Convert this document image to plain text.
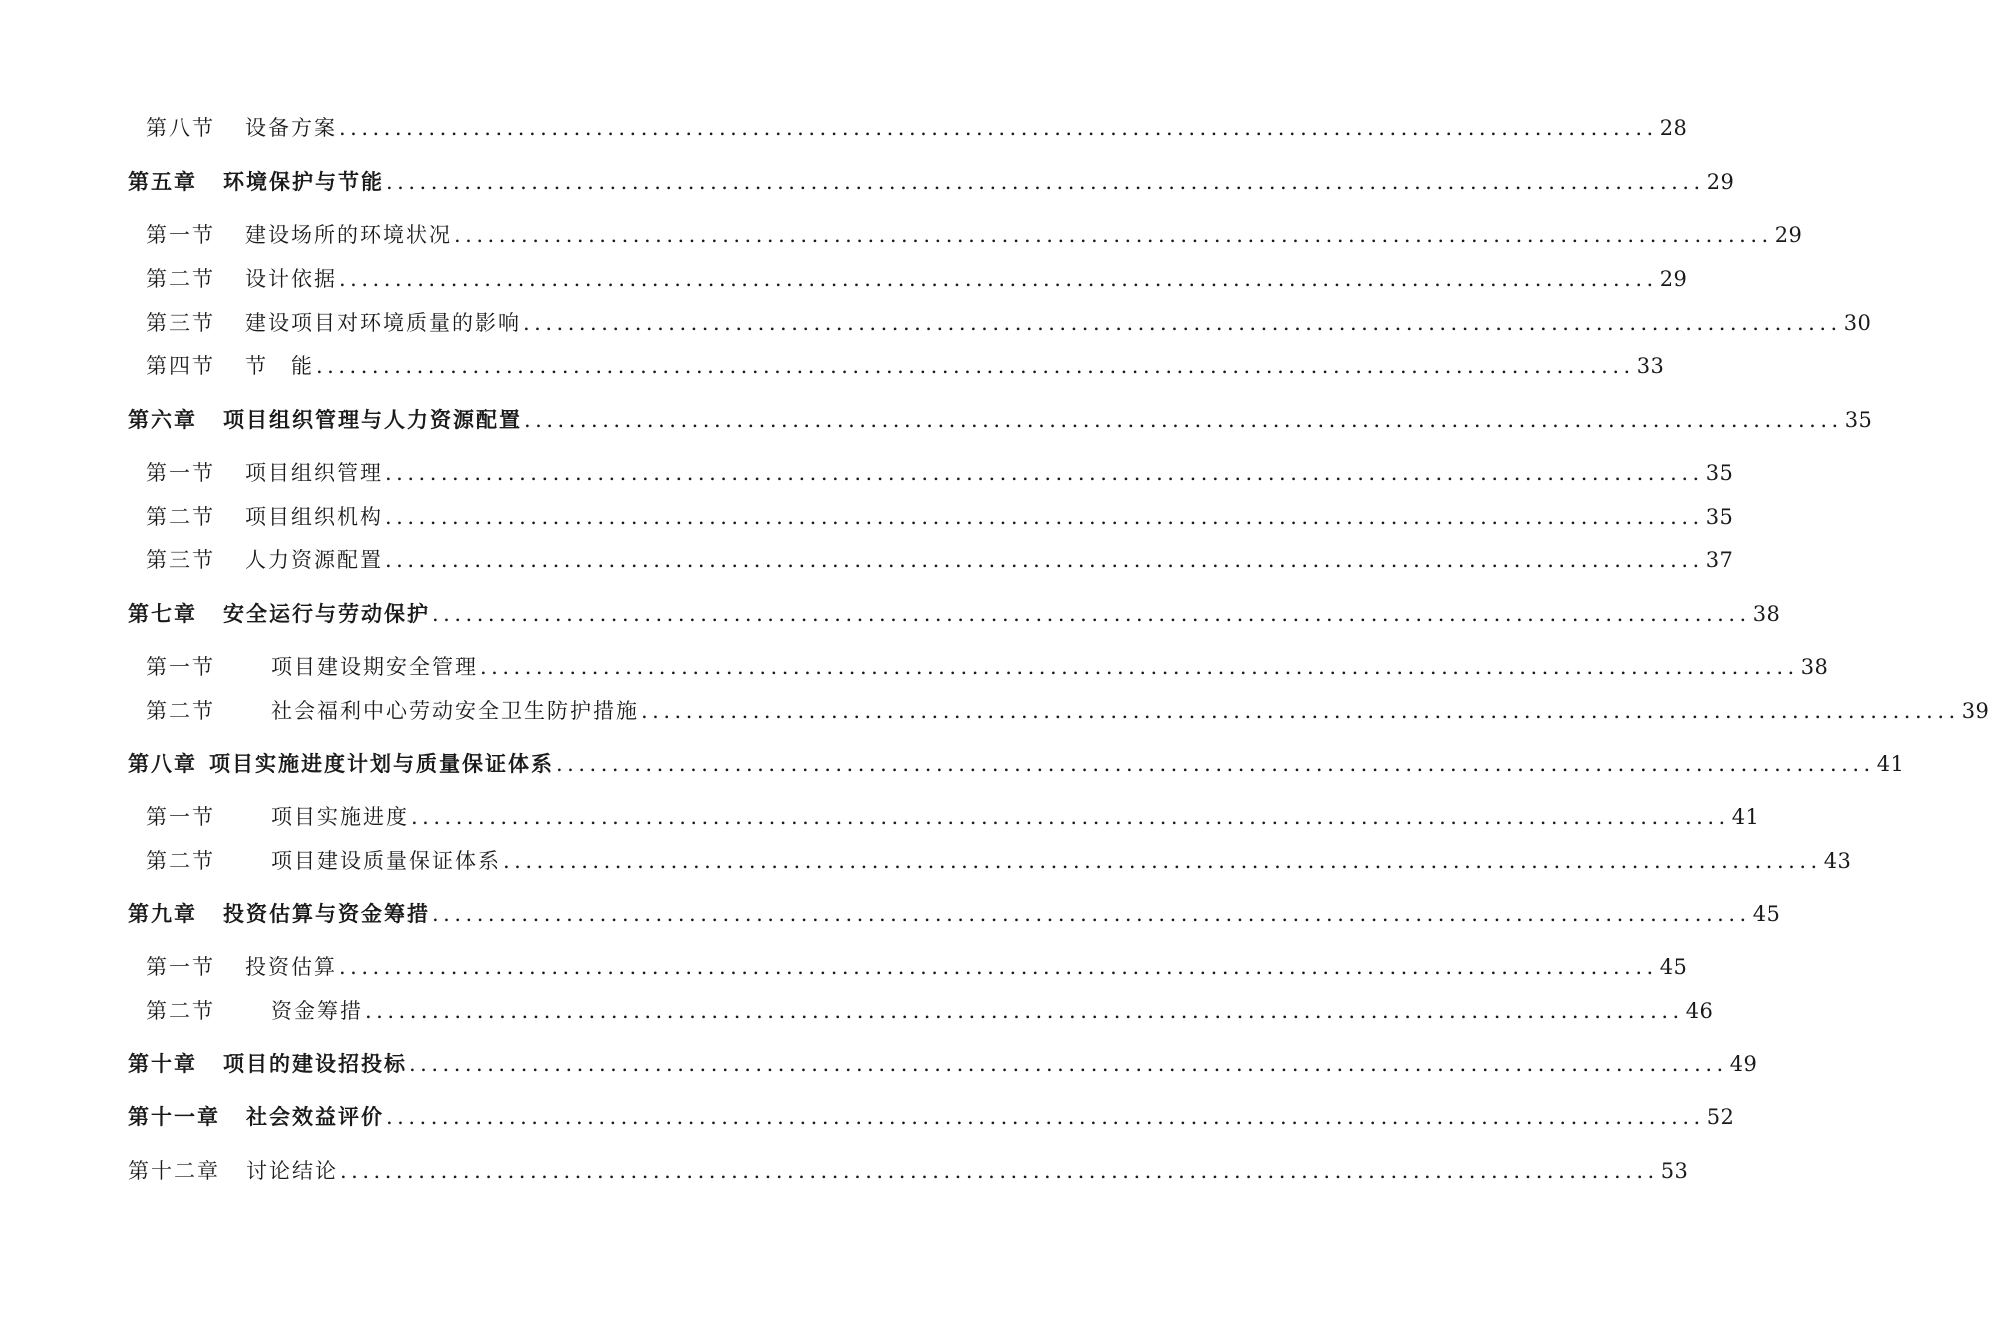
第八节 设备方案 ...................................................................................................................... 28
第五章 环境保护与节能 ...................................................................................................................... 29
第一节 建设场所的环境状况 ...................................................................................................................... 29
第二节 设计依据 ...................................................................................................................... 29
第三节 建设项目对环境质量的影响 ...................................................................................................................... 30
第四节 节　能 ...................................................................................................................... 33
第六章 项目组织管理与人力资源配置 ...................................................................................................................... 35
第一节 项目组织管理 ...................................................................................................................... 35
第二节 项目组织机构 ...................................................................................................................... 35
第三节 人力资源配置 ...................................................................................................................... 37
第七章 安全运行与劳动保护 ...................................................................................................................... 38
第一节	项目建设期安全管理 ...................................................................................................................... 38
第二节	社会福利中心劳动安全卫生防护措施 ...................................................................................................................... 39
第八章 项目实施进度计划与质量保证体系 ...................................................................................................................... 41
第一节	项目实施进度 ...................................................................................................................... 41
第二节	项目建设质量保证体系 ...................................................................................................................... 43
第九章 投资估算与资金筹措 ...................................................................................................................... 45
第一节 投资估算 ...................................................................................................................... 45
第二节	资金筹措 ...................................................................................................................... 46
第十章 项目的建设招投标 ...................................................................................................................... 49
第十一章 社会效益评价 ...................................................................................................................... 52
第十二章 讨论结论 ...................................................................................................................... 53
